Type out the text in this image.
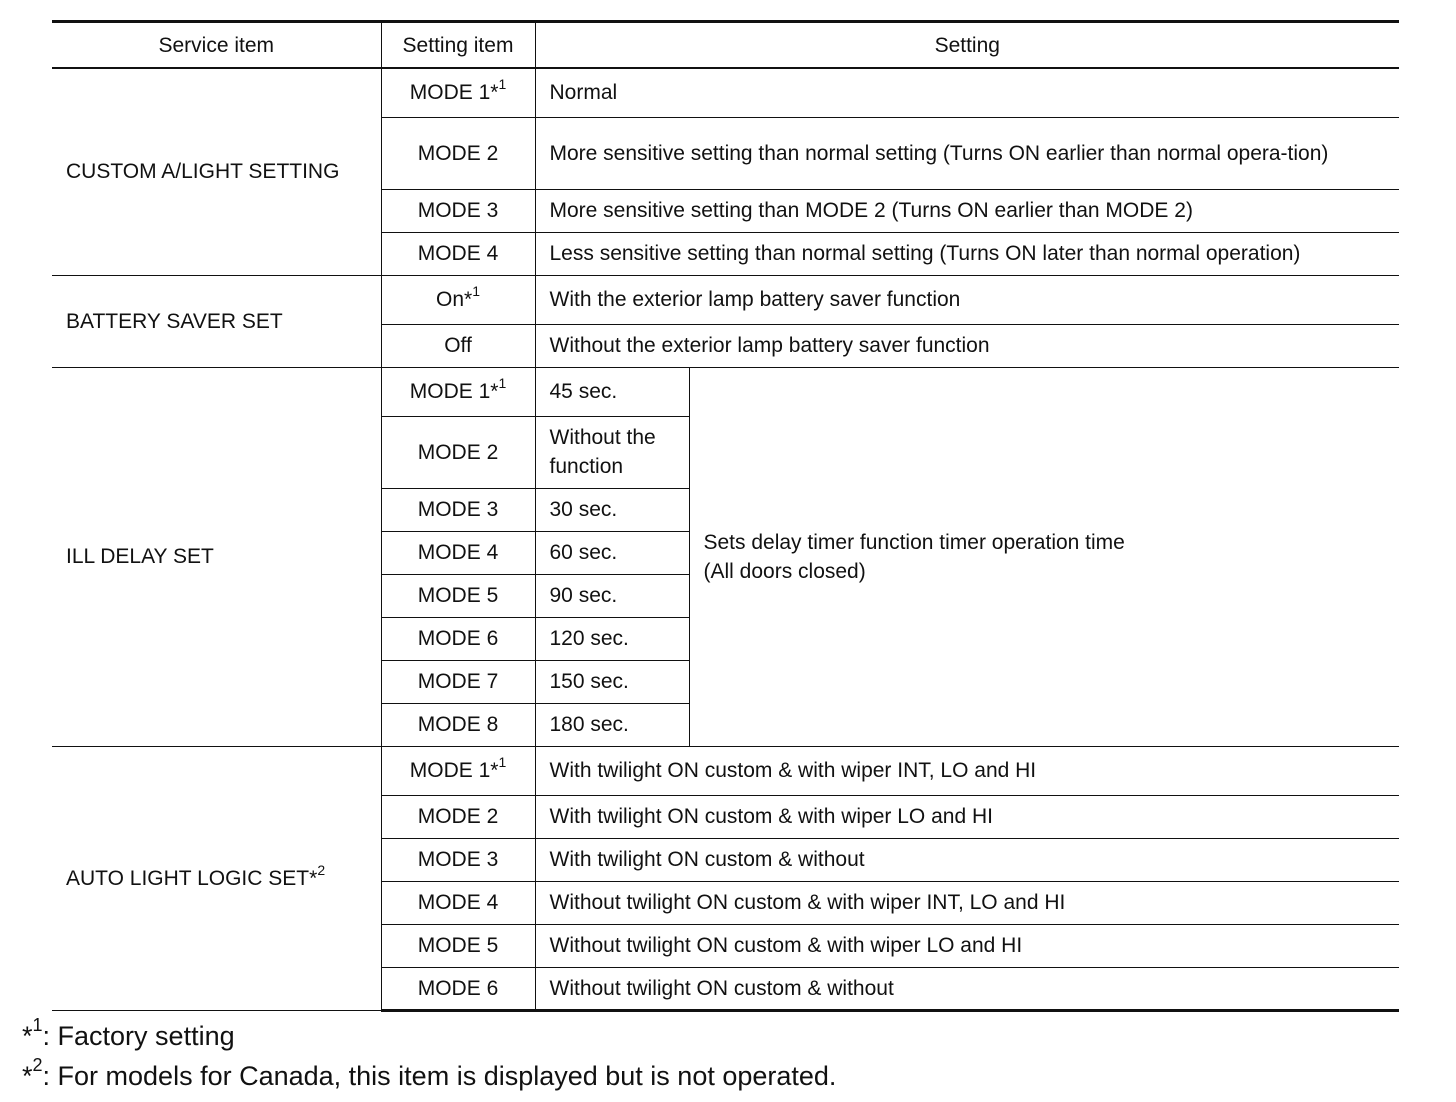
Service item	Setting item	Setting	
CUSTOM A/LIGHT SETTING	MODE 1*$^1$	Normal	
	MODE 2	More sensitive setting than normal setting (Turns ON earlier than normal opera-tion)	
	MODE 3	More sensitive setting than MODE 2 (Turns ON earlier than MODE 2)	
	MODE 4	Less sensitive setting than normal setting (Turns ON later than normal operation)	
BATTERY SAVER SET	On*$^1$	With the exterior lamp battery saver function	
	Off	Without the exterior lamp battery saver function	
ILL DELAY SET	MODE 1*$^1$	45 sec.	Sets delay timer function timer operation time
(All doors closed)

	MODE 2	Without the function	
	MODE 3	30 sec.	
	MODE 4	60 sec.	
	MODE 5	90 sec.	
	MODE 6	120 sec.	
	MODE 7	150 sec.	
	MODE 8	180 sec.	
AUTO LIGHT LOGIC SET*$^2$	MODE 1*$^1$	With twilight ON custom & with wiper INT, LO and HI	
	MODE 2	With twilight ON custom & with wiper LO and HI	
	MODE 3	With twilight ON custom & without	
	MODE 4	Without twilight ON custom & with wiper INT, LO and HI	
	MODE 5	Without twilight ON custom & with wiper LO and HI	
	MODE 6	Without twilight ON custom & without	
*$^1$: Factory setting
*$^2$: For models for Canada, this item is displayed but is not operated.
